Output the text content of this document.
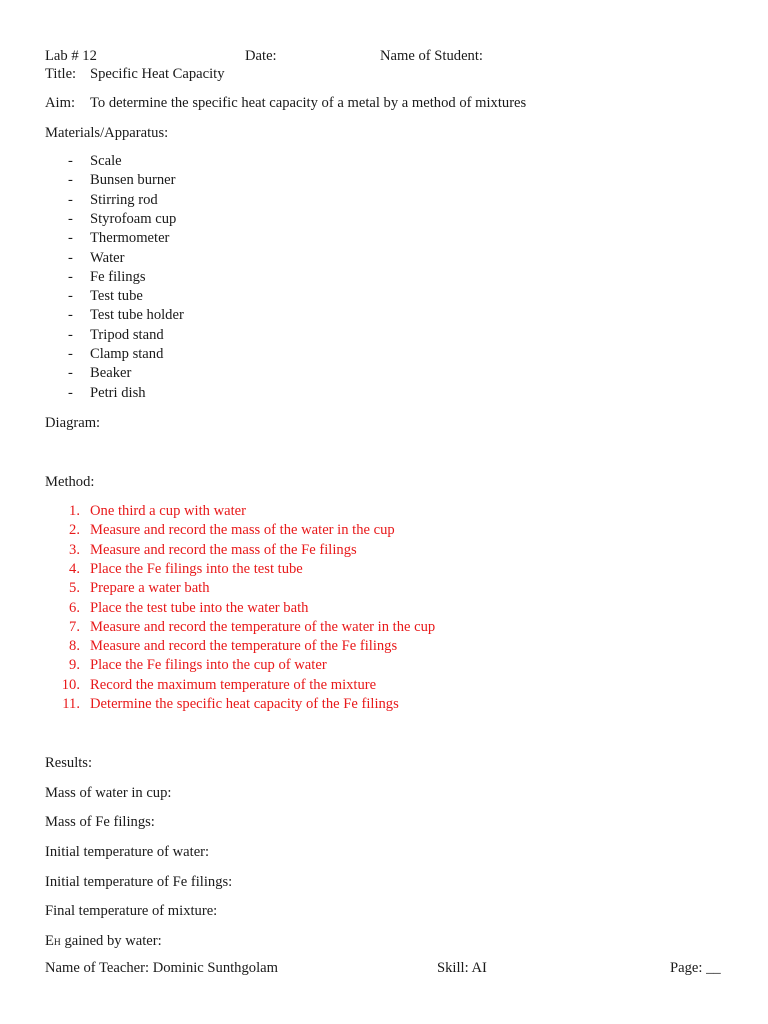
Lab # 12	Date:	Name of Student:
Title: Specific Heat Capacity
Aim: To determine the specific heat capacity of a metal by a method of mixtures
Materials/Apparatus:
- Scale
- Bunsen burner
- Stirring rod
- Styrofoam cup
- Thermometer
- Water
- Fe filings
- Test tube
- Test tube holder
- Tripod stand
- Clamp stand
- Beaker
- Petri dish
Diagram:
Method:
1. One third a cup with water
2. Measure and record the mass of the water in the cup
3. Measure and record the mass of the Fe filings
4. Place the Fe filings into the test tube
5. Prepare a water bath
6. Place the test tube into the water bath
7. Measure and record the temperature of the water in the cup
8. Measure and record the temperature of the Fe filings
9. Place the Fe filings into the cup of water
10. Record the maximum temperature of the mixture
11. Determine the specific heat capacity of the Fe filings
Results:
Mass of water in cup:
Mass of Fe filings:
Initial temperature of water:
Initial temperature of Fe filings:
Final temperature of mixture:
EH gained by water:
Name of Teacher: Dominic Sunthgolam	Skill: AI	Page: __
